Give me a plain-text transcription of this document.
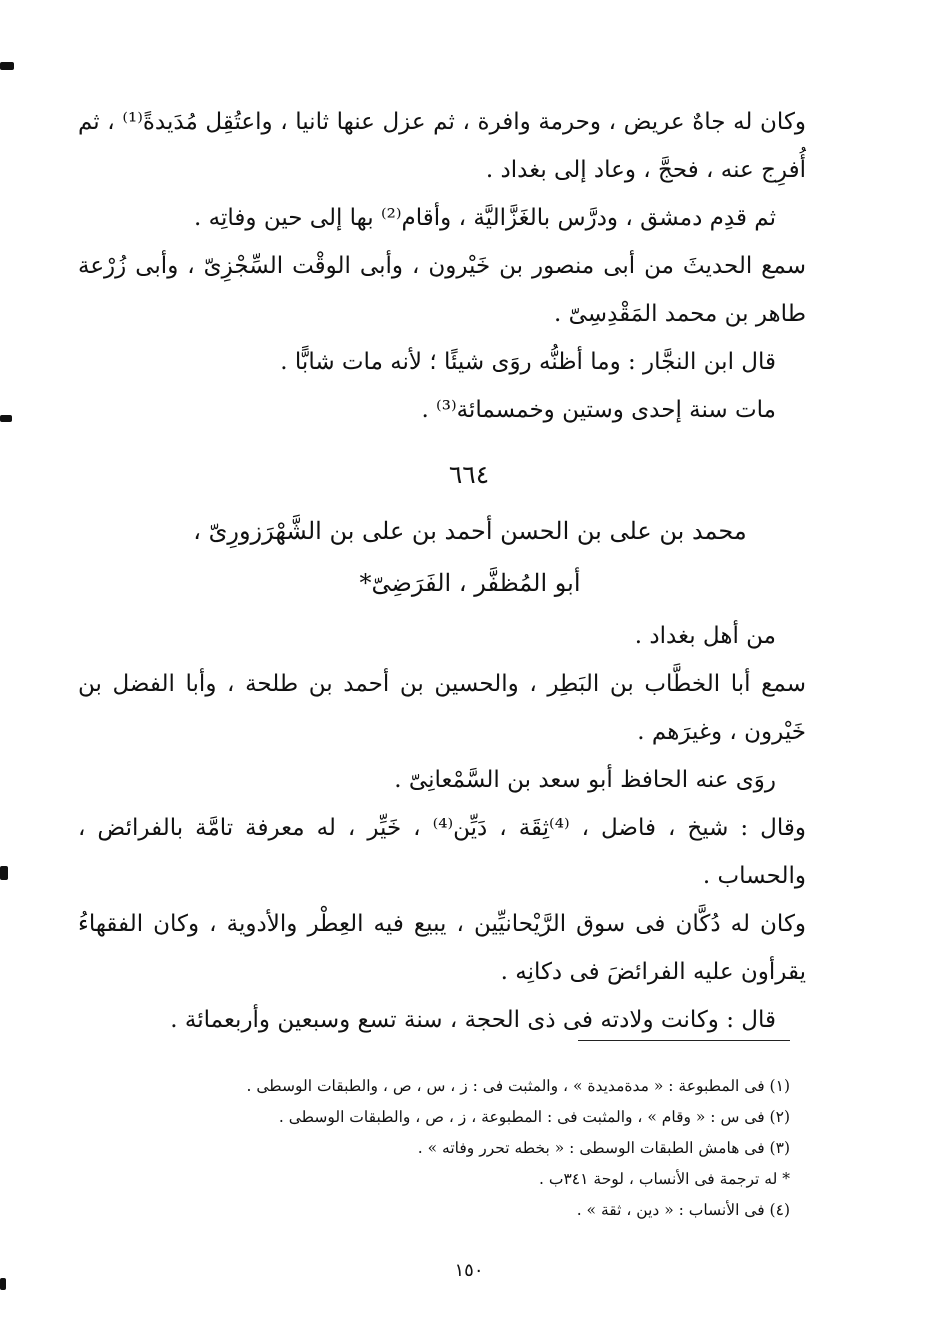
وكان له جاهٌ عريض ، وحرمة وافرة ، ثم عزل عنها ثانيا ، واعتُقِل مُدَيدةً⁽¹⁾ ، ثم أُفرِج عنه ، فحجَّ ، وعاد إلى بغداد .

ثم قدِم دمشق ، ودرَّس بالغَزَّاليَّة ، وأقام⁽²⁾ بها إلى حين وفاتِه .

سمع الحديثَ من أبى منصور بن خَيْرون ، وأبى الوقْت السِّجْزِىّ ، وأبى زُرْعة طاهر بن محمد المَقْدِسِىّ .

قال ابن النجَّار : وما أظنُّه روَى شيئًا ؛ لأنه مات شابًّا .

مات سنة إحدى وستين وخمسمائة⁽³⁾ .

٦٦٤
محمد بن على بن الحسن أحمد بن على بن الشَّهْرَزورِىّ ،
أبو المُظفَّر ، الفَرَضِىّ*

من أهل بغداد .

سمع أبا الخطَّاب بن البَطِر ، والحسين بن أحمد بن طلحة ، وأبا الفضل بن خَيْرون ، وغيرَهم .

روَى عنه الحافظ أبو سعد بن السَّمْعانِىّ .

وقال : شيخ ، فاضل ، ⁽⁴⁾ثِقَة ، دَيِّن⁽⁴⁾ ، خَيِّر ، له معرفة تامَّة بالفرائض ، والحساب .

وكان له دُكَّان فى سوق الرَّيْحانيِّين ، يبيع فيه العِطْر والأدوية ، وكان الفقهاءُ يقرأون عليه الفرائضَ فى دكانِه .

قال : وكانت ولادته فى ذى الحجة ، سنة تسع وسبعين وأربعمائة .

(١) فى المطبوعة : « مدةمديدة » ، والمثبت فى : ز ، س ، ص ، والطبقات الوسطى .
(٢) فى س : « وقام » ، والمثبت فى : المطبوعة ، ز ، ص ، والطبقات الوسطى .
(٣) فى هامش الطبقات الوسطى : « بخطه تحرر وفاته » .
* له ترجمة فى الأنساب ، لوحة ٣٤١ب .
(٤) فى الأنساب : « دين ، ثقة » .
١٥٠
